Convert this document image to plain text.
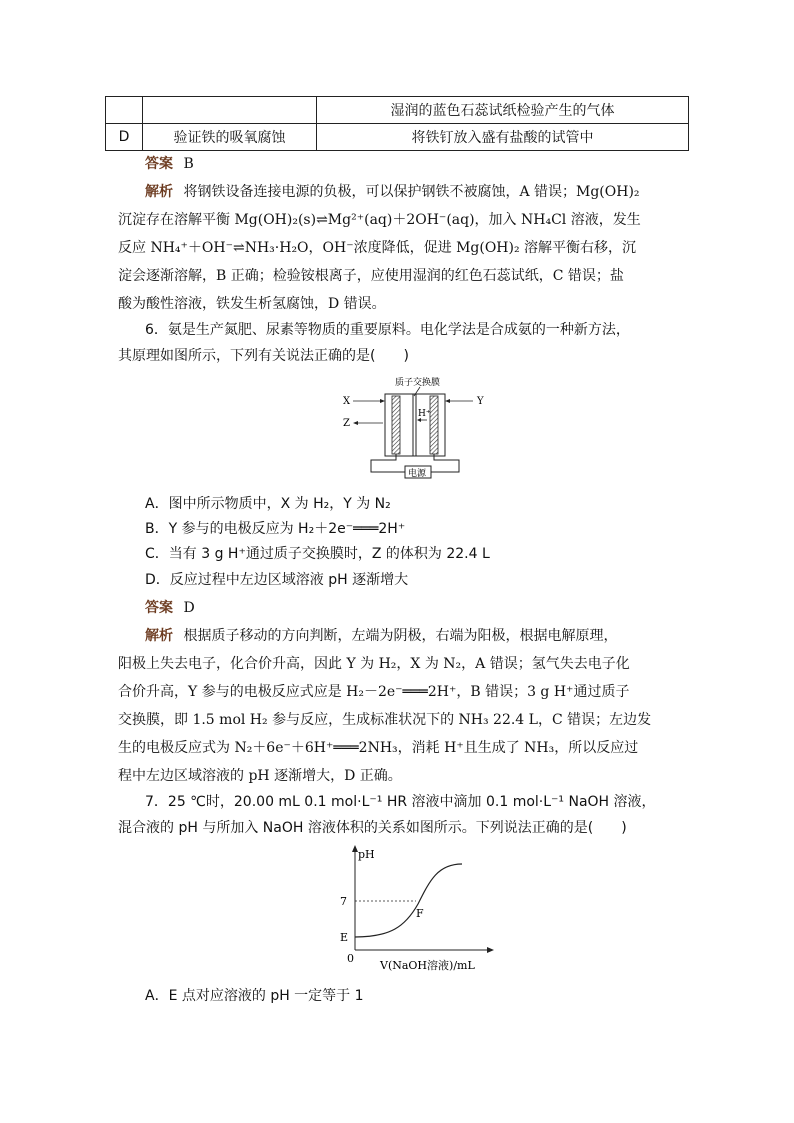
		湿润的蓝色石蕊试纸检验产生的气体
D	验证铁的吸氧腐蚀	将铁钉放入盛有盐酸的试管中
答案 B
解析 将钢铁设备连接电源的负极，可以保护钢铁不被腐蚀，A 错误；Mg(OH)₂
沉淀存在溶解平衡 Mg(OH)₂(s)⇌Mg²⁺(aq)＋2OH⁻(aq)，加入 NH₄Cl 溶液，发生
反应 NH₄⁺＋OH⁻⇌NH₃·H₂O，OH⁻浓度降低，促进 Mg(OH)₂ 溶解平衡右移，沉
淀会逐渐溶解，B 正确；检验铵根离子，应使用湿润的红色石蕊试纸，C 错误；盐
酸为酸性溶液，铁发生析氢腐蚀，D 错误。
6．氨是生产氮肥、尿素等物质的重要原料。电化学法是合成氨的一种新方法，
其原理如图所示，下列有关说法正确的是(　　)
质子交换膜
H⁺
X
Z
Y
电源
A．图中所示物质中，X 为 H₂，Y 为 N₂
B．Y 参与的电极反应为 H₂＋2e⁻═══2H⁺
C．当有 3 g H⁺通过质子交换膜时，Z 的体积为 22.4 L
D．反应过程中左边区域溶液 pH 逐渐增大
答案 D
解析 根据质子移动的方向判断，左端为阴极，右端为阳极，根据电解原理，
阳极上失去电子，化合价升高，因此 Y 为 H₂，X 为 N₂，A 错误；氢气失去电子化
合价升高，Y 参与的电极反应式应是 H₂－2e⁻═══2H⁺，B 错误；3 g H⁺通过质子
交换膜，即 1.5 mol H₂ 参与反应，生成标准状况下的 NH₃ 22.4 L，C 错误；左边发
生的电极反应式为 N₂＋6e⁻＋6H⁺═══2NH₃，消耗 H⁺且生成了 NH₃，所以反应过
程中左边区域溶液的 pH 逐渐增大，D 正确。
7．25 ℃时，20.00 mL 0.1 mol·L⁻¹ HR 溶液中滴加 0.1 mol·L⁻¹ NaOH 溶液，
混合液的 pH 与所加入 NaOH 溶液体积的关系如图所示。下列说法正确的是(　　)
pH
7
E
F
0
V(NaOH溶液)/mL
A．E 点对应溶液的 pH 一定等于 1
